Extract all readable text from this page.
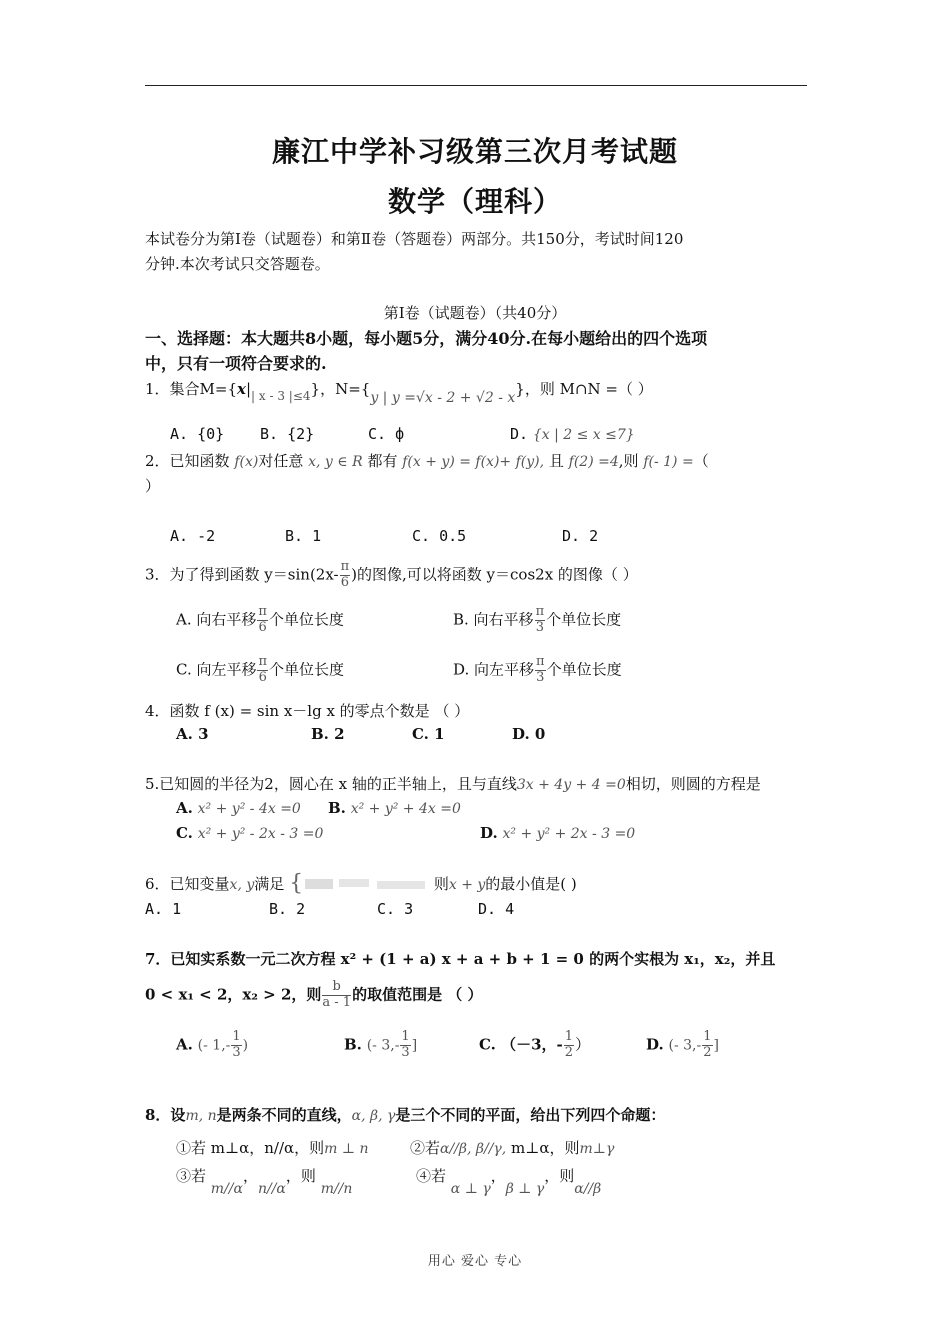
廉江中学补习级第三次月考试题
数学（理科）
本试卷分为第Ⅰ卷（试题卷）和第Ⅱ卷（答题卷）两部分。共150分，考试时间120
分钟.本次考试只交答题卷。
第Ⅰ卷（试题卷）（共40分）
一、选择题：本大题共8小题，每小题5分，满分40分.在每小题给出的四个选项
中，只有一项符合要求的.
1．集合$M=\{x|_{| x - 3 |\le 4}\}$，N={y | y =√x - 2 + √2 - x}，则 M∩N =（ ）
A. {0} B. {2}	C. ф	D. {x | 2 ≤ x ≤7}
2．已知函数 f(x)对任意 x, y ∈ R 都有 f(x + y) = f(x)+ f(y), 且 f(2) =4,则 f(- 1) =（
）
A. -2	B. 1	C. 0.5	D. 2
3．为了得到函数 $y=\sin(2x- \frac{\pi}{6}$ )的图像,可以将函数 y＝cos2x 的图像（ ）
A. 向右平移 $\frac{\pi}{6}$ 个单位长度	B. 向右平移 $\frac{\pi}{3}$ 个单位长度
C. 向左平移 $\frac{\pi}{6}$ 个单位长度	D. 向左平移 $\frac{\pi}{3}$ 个单位长度
4．函数 f (x) = sin x－lg x 的零点个数是 （ ）
A. 3	B. 2	C. 1	D. 0
5.已知圆的半径为2，圆心在 x 轴的正半轴上，且与直线3x + 4y + 4 =0相切，则圆的方程是
A. x² + y² - 4x =0 B. x² + y² + 4x =0
C. x² + y² - 2x - 3 =0	D. x² + y² + 2x - 3 =0
6．已知变量x, y满足 {	则x + y的最小值是( )
A. 1	B. 2	C. 3	D. 4
7．已知实系数一元二次方程 x² + (1 + a) x + a + b + 1 = 0 的两个实根为 x₁，x₂，并且
0 < x₁ < 2，x₂ > 2，则 $\frac{b}{a - 1}$ 的取值范围是 （ ）
A. (- $1,- \frac{1}{3}$ )	B. (- $3,- \frac{1}{3}$ ]	C. （－3，- $\frac{1}{2}$ ）	D. (- $3,- \frac{1}{2}$ ]
8．设m, n是两条不同的直线，α, β, γ是三个不同的平面，给出下列四个命题：
①若 m⊥α，n//α，则m ⊥ n	②若α//β, β//γ, m⊥α，则m⊥γ
③若 m//α，n//α，则 m//n
④若 α ⊥ γ，β ⊥ γ，则α//β
用心 爱心 专心
